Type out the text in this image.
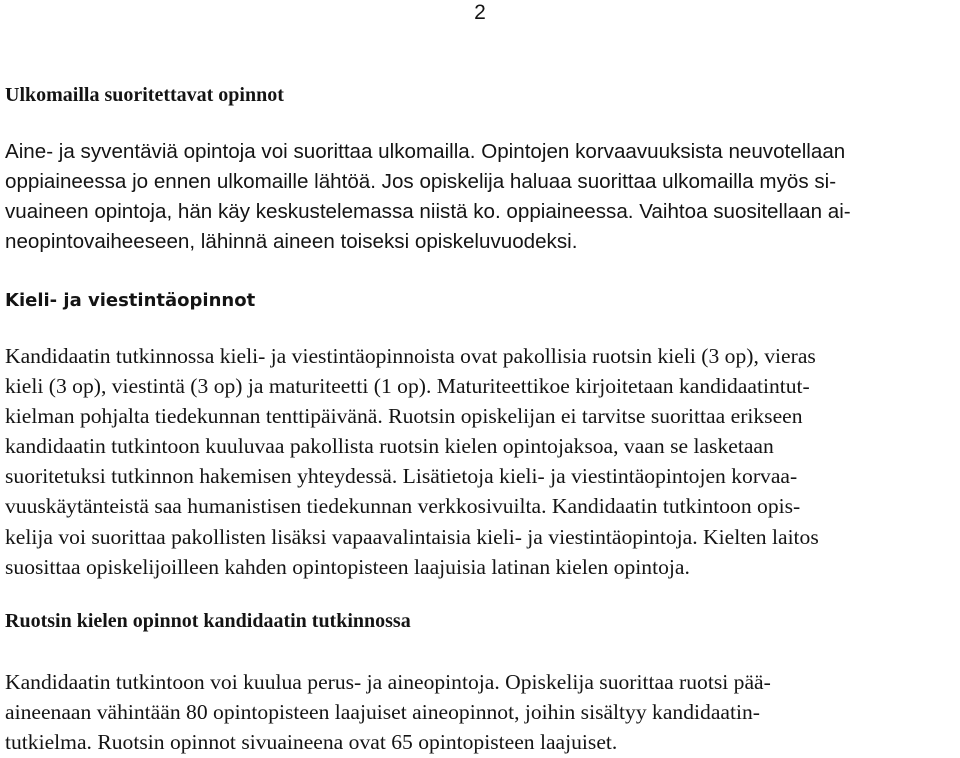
2
Ulkomailla suoritettavat opinnot
Aine- ja syventäviä opintoja voi suorittaa ulkomailla. Opintojen korvaavuuksista neuvotellaan
oppiaineessa jo ennen ulkomaille lähtöä. Jos opiskelija haluaa suorittaa ulkomailla myös si-
vuaineen opintoja, hän käy keskustelemassa niistä ko. oppiaineessa. Vaihtoa suositellaan ai-
neopintovaiheeseen, lähinnä aineen toiseksi opiskeluvuodeksi.
Kieli- ja viestintäopinnot
Kandidaatin tutkinnossa kieli- ja viestintäopinnoista ovat pakollisia ruotsin kieli (3 op), vieras
kieli (3 op), viestintä (3 op) ja maturiteetti (1 op). Maturiteettikoe kirjoitetaan kandidaatintut-
kielman pohjalta tiedekunnan tenttipäivänä. Ruotsin opiskelijan ei tarvitse suorittaa erikseen
kandidaatin tutkintoon kuuluvaa pakollista ruotsin kielen opintojaksoa, vaan se lasketaan
suoritetuksi tutkinnon hakemisen yhteydessä. Lisätietoja kieli- ja viestintäopintojen korvaa-
vuuskäytänteistä saa humanistisen tiedekunnan verkkosivuilta. Kandidaatin tutkintoon opis-
kelija voi suorittaa pakollisten lisäksi vapaavalintaisia kieli- ja viestintäopintoja. Kielten laitos
suosittaa opiskelijoilleen kahden opintopisteen laajuisia latinan kielen opintoja.
Ruotsin kielen opinnot kandidaatin tutkinnossa
Kandidaatin tutkintoon voi kuulua perus- ja aineopintoja. Opiskelija suorittaa ruotsi pää-
aineenaan vähintään 80 opintopisteen laajuiset aineopinnot, joihin sisältyy kandidaatin-
tutkielma. Ruotsin opinnot sivuaineena ovat 65 opintopisteen laajuiset.
